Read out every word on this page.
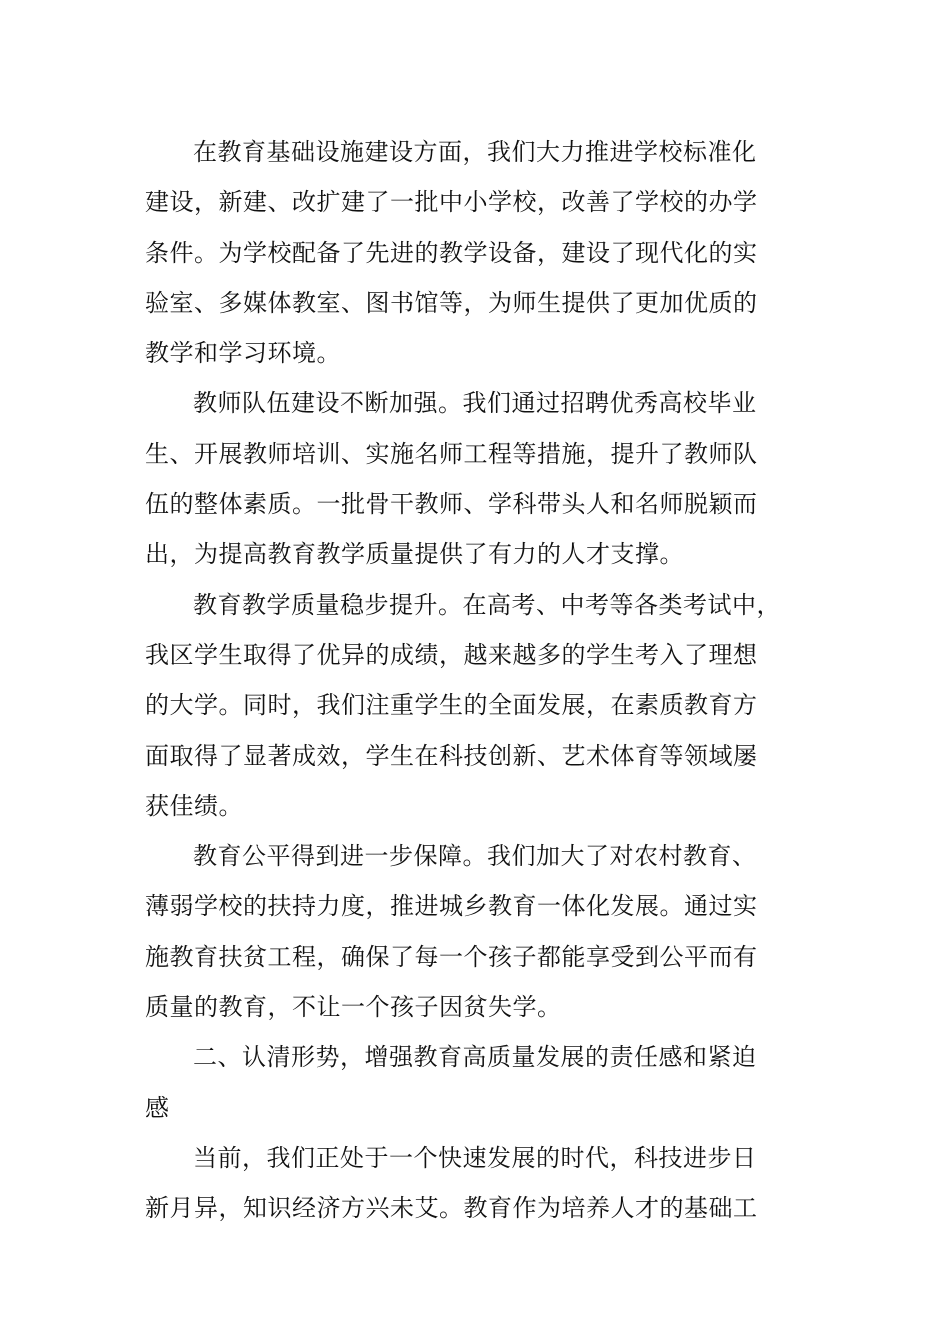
在教育基础设施建设方面，我们大力推进学校标准化
建设，新建、改扩建了一批中小学校，改善了学校的办学
条件。为学校配备了先进的教学设备，建设了现代化的实
验室、多媒体教室、图书馆等，为师生提供了更加优质的
教学和学习环境。

教师队伍建设不断加强。我们通过招聘优秀高校毕业
生、开展教师培训、实施名师工程等措施，提升了教师队
伍的整体素质。一批骨干教师、学科带头人和名师脱颖而
出，为提高教育教学质量提供了有力的人才支撑。

教育教学质量稳步提升。在高考、中考等各类考试中，
我区学生取得了优异的成绩，越来越多的学生考入了理想
的大学。同时，我们注重学生的全面发展，在素质教育方
面取得了显著成效，学生在科技创新、艺术体育等领域屡
获佳绩。

教育公平得到进一步保障。我们加大了对农村教育、
薄弱学校的扶持力度，推进城乡教育一体化发展。通过实
施教育扶贫工程，确保了每一个孩子都能享受到公平而有
质量的教育，不让一个孩子因贫失学。

二、认清形势，增强教育高质量发展的责任感和紧迫
感

当前，我们正处于一个快速发展的时代，科技进步日
新月异，知识经济方兴未艾。教育作为培养人才的基础工
